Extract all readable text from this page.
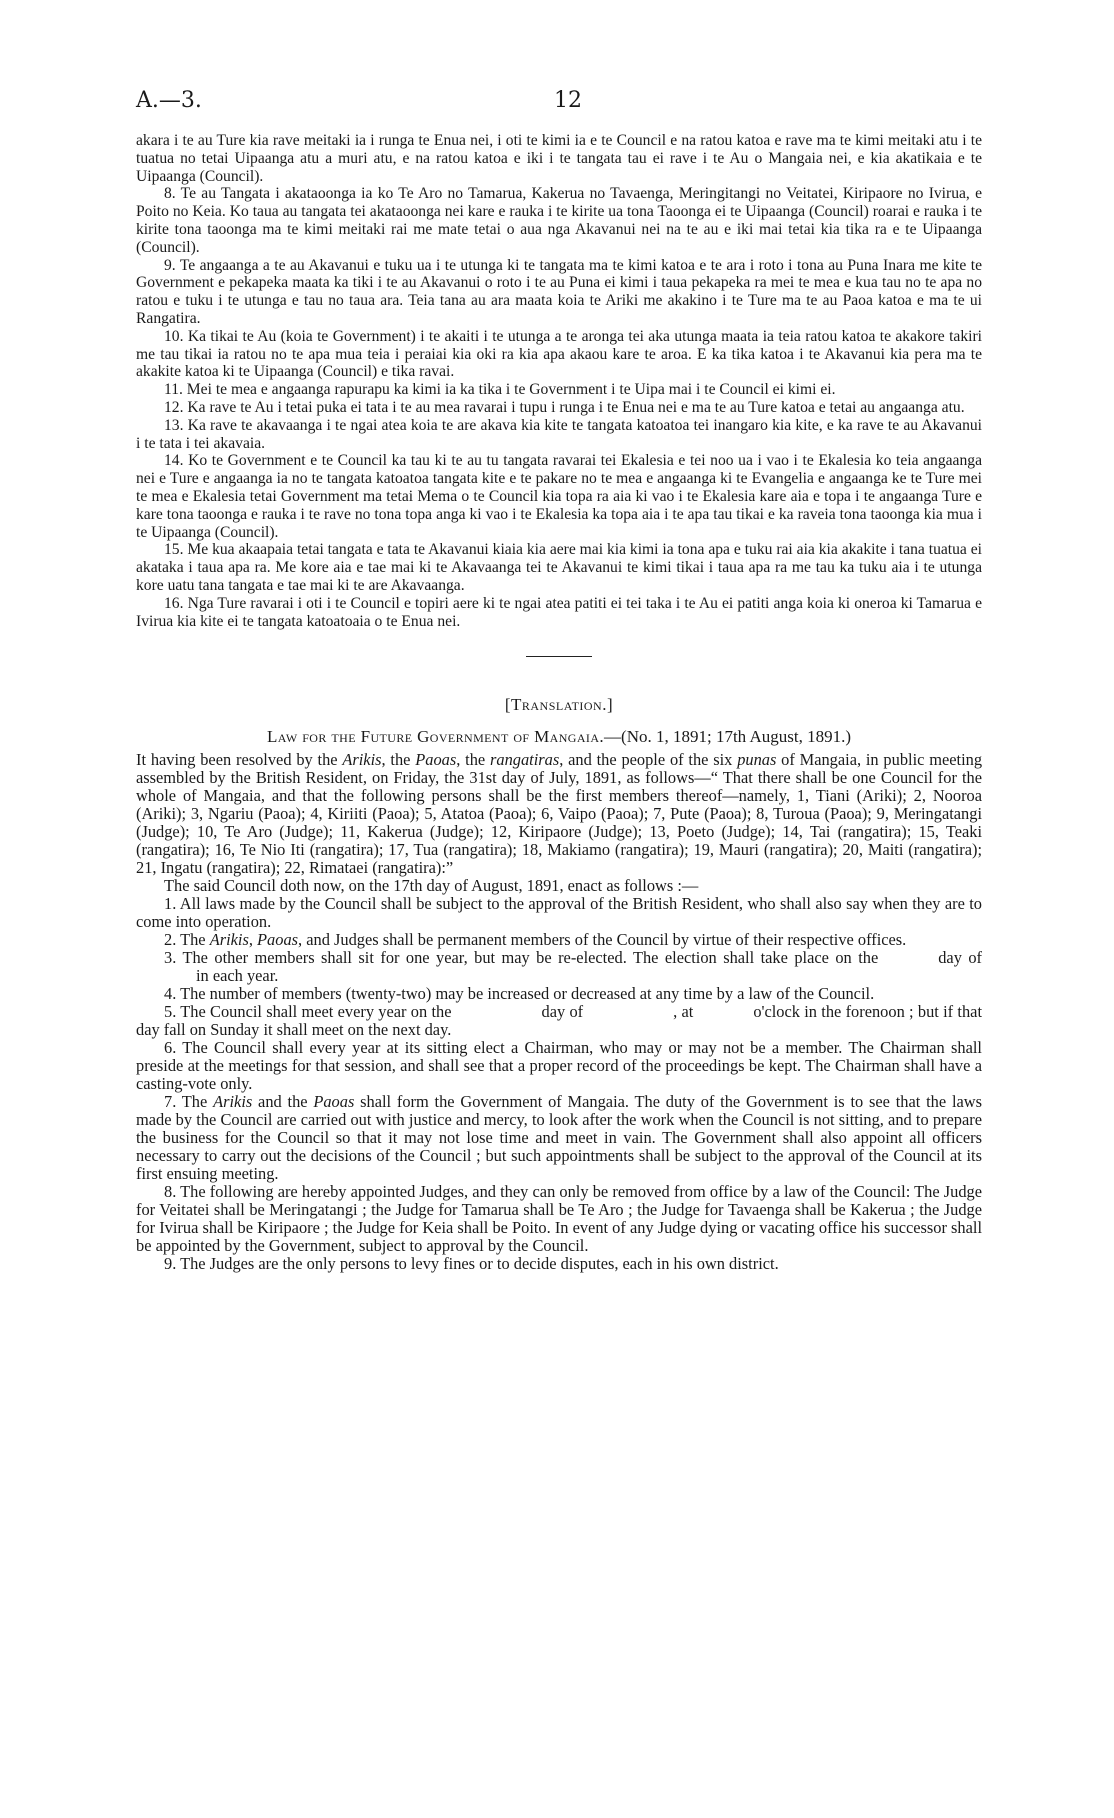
A.—3.	12

akara i te au Ture kia rave meitaki ia i runga te Enua nei, i oti te kimi ia e te Council e na ratou katoa e rave ma te kimi meitaki atu i te tuatua no tetai Uipaanga atu a muri atu, e na ratou katoa e iki i te tangata tau ei rave i te Au o Mangaia nei, e kia akatikaia e te Uipaanga (Council).

8. Te au Tangata i akataoonga ia ko Te Aro no Tamarua, Kakerua no Tavaenga, Meringitangi no Veitatei, Kiripaore no Ivirua, e Poito no Keia. Ko taua au tangata tei akataoonga nei kare e rauka i te kirite ua tona Taoonga ei te Uipaanga (Council) roarai e rauka i te kirite tona taoonga ma te kimi meitaki rai me mate tetai o aua nga Akavanui nei na te au e iki mai tetai kia tika ra e te Uipaanga (Council).

9. Te angaanga a te au Akavanui e tuku ua i te utunga ki te tangata ma te kimi katoa e te ara i roto i tona au Puna Inara me kite te Government e pekapeka maata ka tiki i te au Akavanui o roto i te au Puna ei kimi i taua pekapeka ra mei te mea e kua tau no te apa no ratou e tuku i te utunga e tau no taua ara. Teia tana au ara maata koia te Ariki me akakino i te Ture ma te au Paoa katoa e ma te ui Rangatira.

10. Ka tikai te Au (koia te Government) i te akaiti i te utunga a te aronga tei aka utunga maata ia teia ratou katoa te akakore takiri me tau tikai ia ratou no te apa mua teia i peraiai kia oki ra kia apa akaou kare te aroa. E ka tika katoa i te Akavanui kia pera ma te akakite katoa ki te Uipaanga (Council) e tika ravai.

11. Mei te mea e angaanga rapurapu ka kimi ia ka tika i te Government i te Uipa mai i te Council ei kimi ei.

12. Ka rave te Au i tetai puka ei tata i te au mea ravarai i tupu i runga i te Enua nei e ma te au Ture katoa e tetai au angaanga atu.

13. Ka rave te akavaanga i te ngai atea koia te are akava kia kite te tangata katoatoa tei inangaro kia kite, e ka rave te au Akavanui i te tata i tei akavaia.

14. Ko te Government e te Council ka tau ki te au tu tangata ravarai tei Ekalesia e tei noo ua i vao i te Ekalesia ko teia angaanga nei e Ture e angaanga ia no te tangata katoatoa tangata kite e te pakare no te mea e angaanga ki te Evangelia e angaanga ke te Ture mei te mea e Ekalesia tetai Government ma tetai Mema o te Council kia topa ra aia ki vao i te Ekalesia kare aia e topa i te angaanga Ture e kare tona taoonga e rauka i te rave no tona topa anga ki vao i te Ekalesia ka topa aia i te apa tau tikai e ka raveia tona taoonga kia mua i te Uipaanga (Council).

15. Me kua akaapaia tetai tangata e tata te Akavanui kiaia kia aere mai kia kimi ia tona apa e tuku rai aia kia akakite i tana tuatua ei akataka i taua apa ra. Me kore aia e tae mai ki te Akavaanga tei te Akavanui te kimi tikai i taua apa ra me tau ka tuku aia i te utunga kore uatu tana tangata e tae mai ki te are Akavaanga.

16. Nga Ture ravarai i oti i te Council e topiri aere ki te ngai atea patiti ei tei taka i te Au ei patiti anga koia ki oneroa ki Tamarua e Ivirua kia kite ei te tangata katoatoaia o te Enua nei.

[Translation.]

Law for the Future Government of Mangaia.—(No. 1, 1891; 17th August, 1891.)

It having been resolved by the Arikis, the Paoas, the rangatiras, and the people of the six punas of Mangaia, in public meeting assembled by the British Resident, on Friday, the 31st day of July, 1891, as follows—“ That there shall be one Council for the whole of Mangaia, and that the following persons shall be the first members thereof—namely, 1, Tiani (Ariki); 2, Nooroa (Ariki); 3, Ngariu (Paoa); 4, Kiriiti (Paoa); 5, Atatoa (Paoa); 6, Vaipo (Paoa); 7, Pute (Paoa); 8, Turoua (Paoa); 9, Meringatangi (Judge); 10, Te Aro (Judge); 11, Kakerua (Judge); 12, Kiripaore (Judge); 13, Poeto (Judge); 14, Tai (rangatira); 15, Teaki (rangatira); 16, Te Nio Iti (rangatira); 17, Tua (rangatira); 18, Makiamo (rangatira); 19, Mauri (rangatira); 20, Maiti (rangatira); 21, Ingatu (rangatira); 22, Rimataei (rangatira):”

The said Council doth now, on the 17th day of August, 1891, enact as follows :—

1. All laws made by the Council shall be subject to the approval of the British Resident, who shall also say when they are to come into operation.

2. The Arikis, Paoas, and Judges shall be permanent members of the Council by virtue of their respective offices.

3. The other members shall sit for one year, but may be re-elected. The election shall take place on the	day ofin each year.

4. The number of members (twenty-two) may be increased or decreased at any time by a law of the Council.

5. The Council shall meet every year on the	day of	, at	o'clock in the forenoon ; but if that day fall on Sunday it shall meet on the next day.

6. The Council shall every year at its sitting elect a Chairman, who may or may not be a member. The Chairman shall preside at the meetings for that session, and shall see that a proper record of the proceedings be kept. The Chairman shall have a casting-vote only.

7. The Arikis and the Paoas shall form the Government of Mangaia. The duty of the Government is to see that the laws made by the Council are carried out with justice and mercy, to look after the work when the Council is not sitting, and to prepare the business for the Council so that it may not lose time and meet in vain. The Government shall also appoint all officers necessary to carry out the decisions of the Council ; but such appointments shall be subject to the approval of the Council at its first ensuing meeting.

8. The following are hereby appointed Judges, and they can only be removed from office by a law of the Council: The Judge for Veitatei shall be Meringatangi ; the Judge for Tamarua shall be Te Aro ; the Judge for Tavaenga shall be Kakerua ; the Judge for Ivirua shall be Kiripaore ; the Judge for Keia shall be Poito. In event of any Judge dying or vacating office his successor shall be appointed by the Government, subject to approval by the Council.

9. The Judges are the only persons to levy fines or to decide disputes, each in his own district.
